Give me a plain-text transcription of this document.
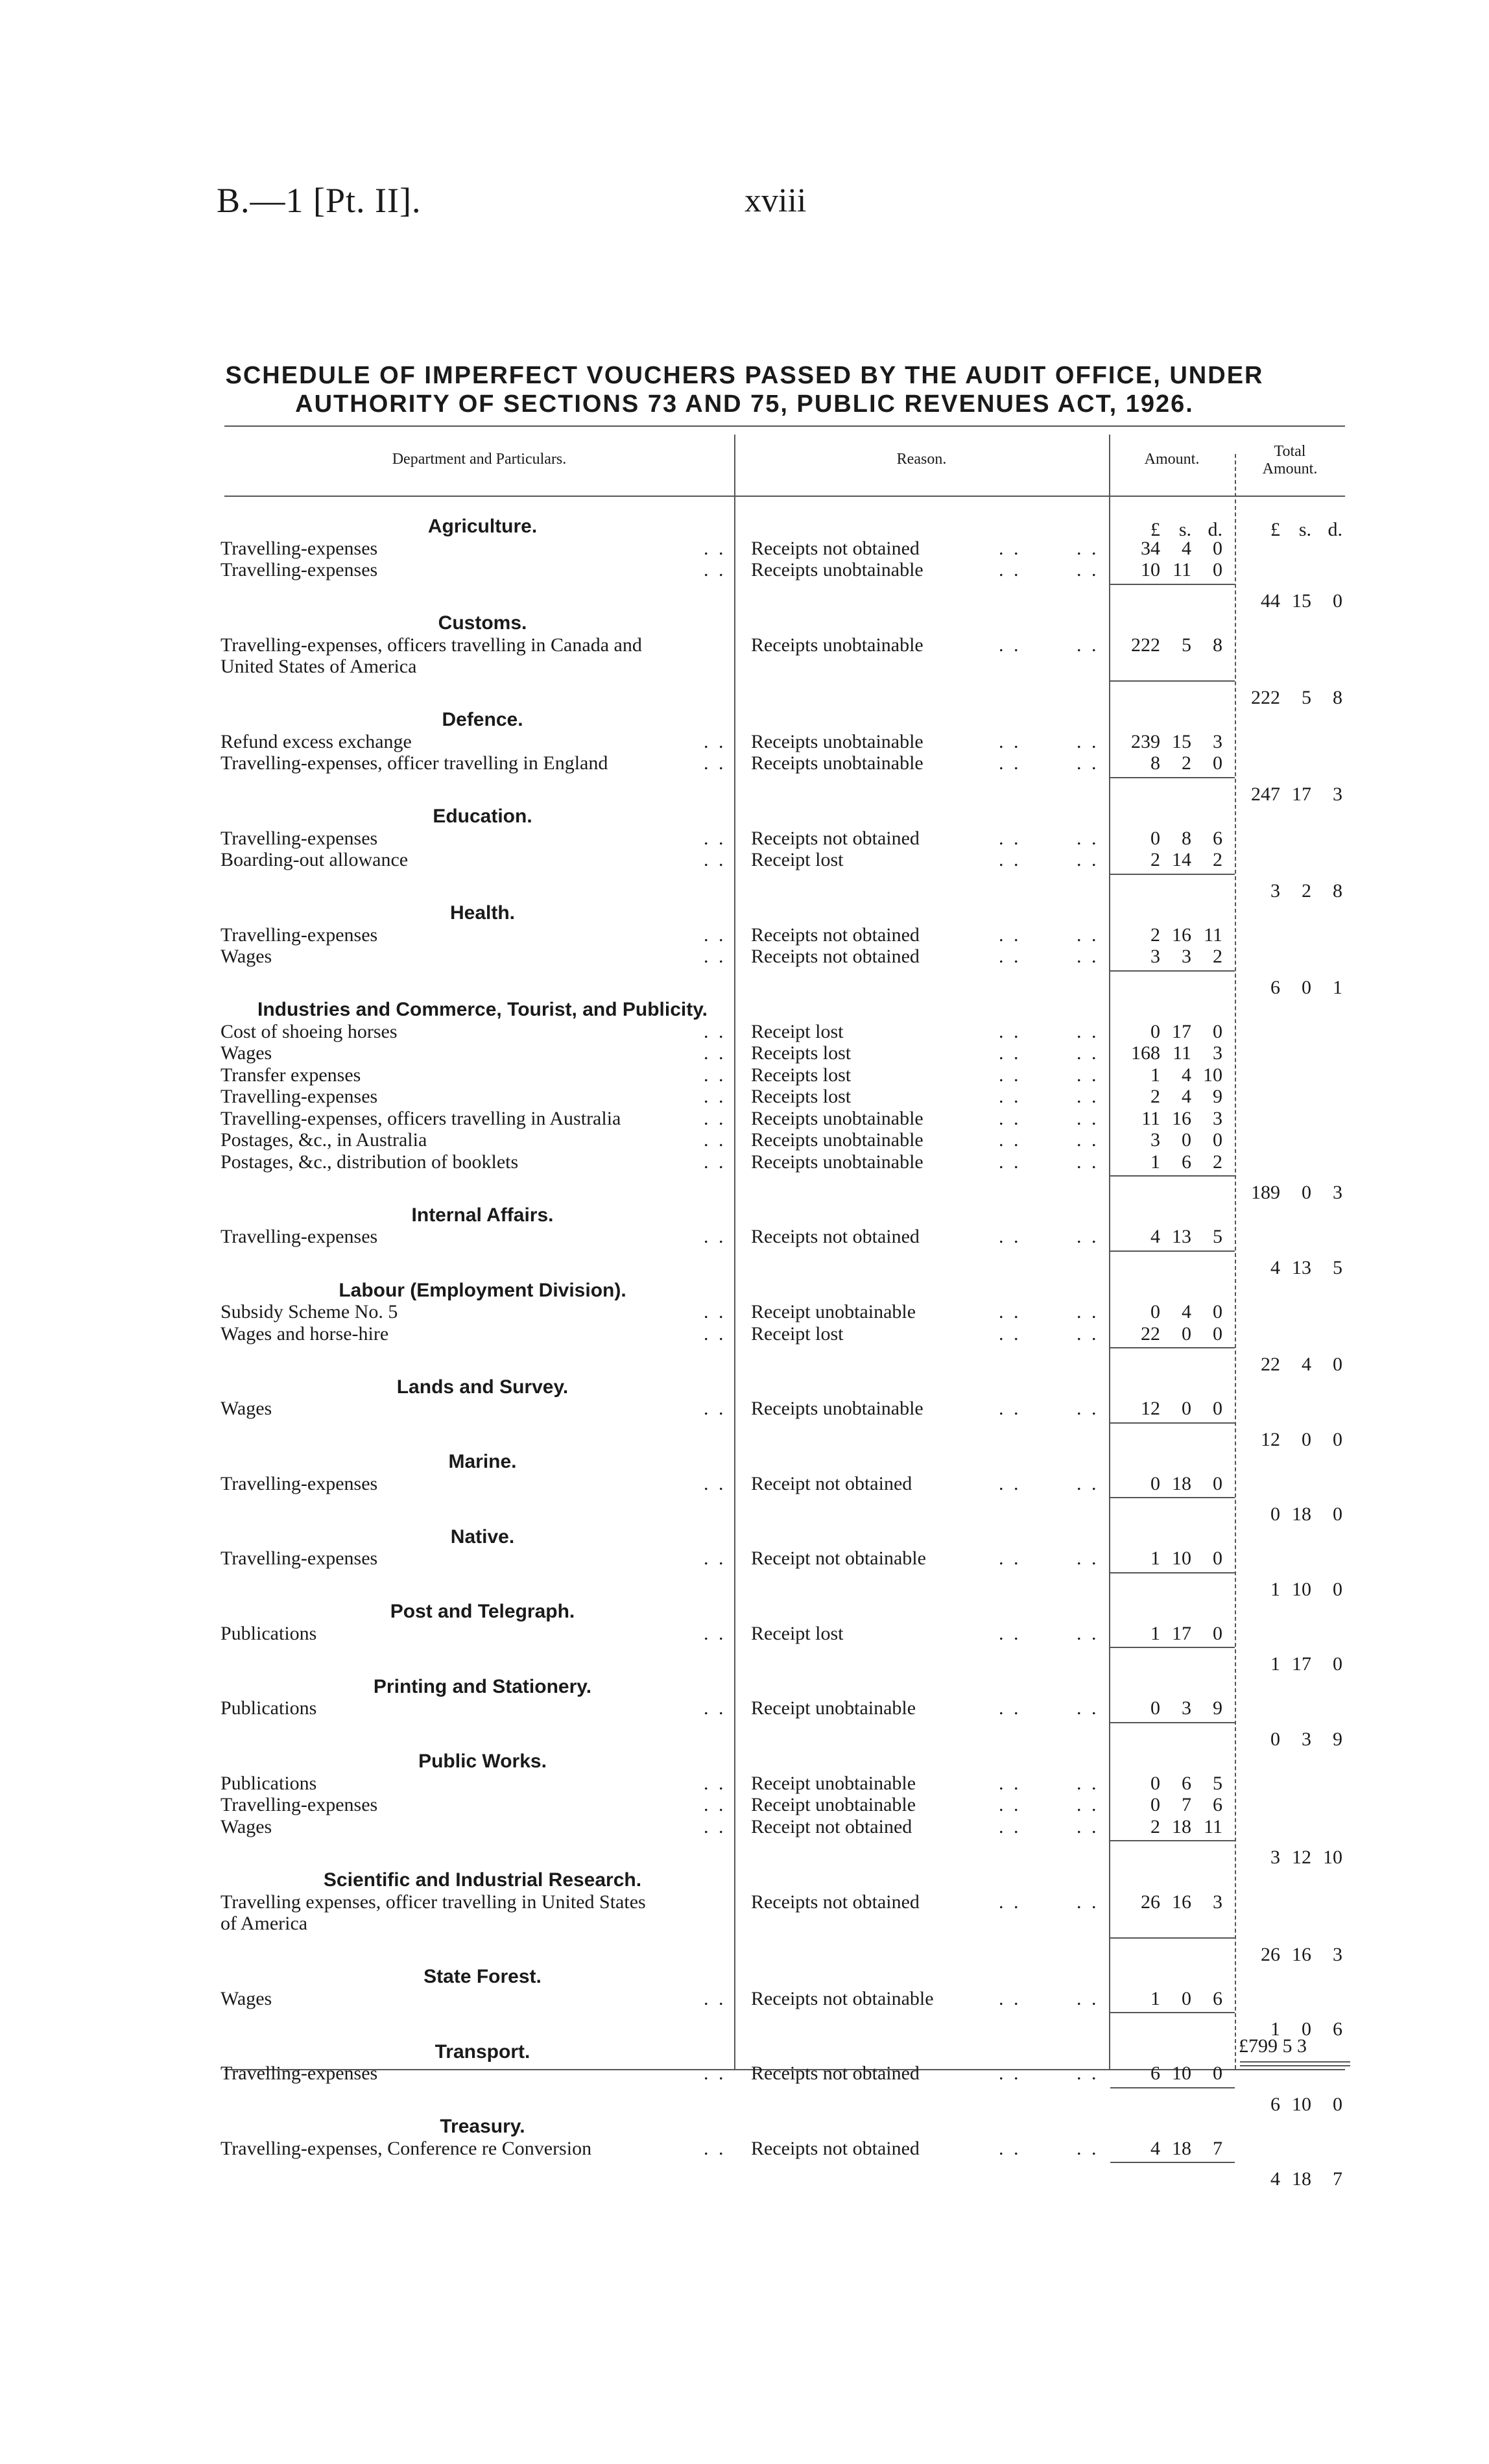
B.—1 [Pt. II].	xviii
SCHEDULE OF IMPERFECT VOUCHERS PASSED BY THE AUDIT OFFICE, UNDER
AUTHORITY OF SECTIONS 73 AND 75, PUBLIC REVENUES ACT, 1926.
Department and Particulars.	Reason.	Amount.	Total
Amount.
£ s. d.	£ s. d.
Agriculture.
Travelling-expenses	. . Receipts not obtained	. .	. .	34 4 0
Travelling-expenses	. . Receipts unobtainable	. .	. .	10 11 0
44 15 0
Customs.
Travelling-expenses, officers travelling in Canada and	Receipts unobtainable	. .	. .	222 5 8
United States of America
222 5 8
Defence.
Refund excess exchange	. . Receipts unobtainable	. .	. .	239 15 3
Travelling-expenses, officer travelling in England	. . Receipts unobtainable	. .	. .	8 2 0
247 17 3
Education.
Travelling-expenses	. . Receipts not obtained	. .	. .	0 8 6
Boarding-out allowance	. . Receipt lost	. .	. .	2 14 2
3 2 8
Health.
Travelling-expenses	. . Receipts not obtained	. .	. .	2 16 11
Wages	. . Receipts not obtained	. .	. .	3 3 2
6 0 1
Industries and Commerce, Tourist, and Publicity.
Cost of shoeing horses	. . Receipt lost	. .	. .	0 17 0
Wages	. . Receipts lost	. .	. .	168 11 3
Transfer expenses	. . Receipts lost	. .	. .	1 4 10
Travelling-expenses	. . Receipts lost	. .	. .	2 4 9
Travelling-expenses, officers travelling in Australia	. . Receipts unobtainable	. .	. .	11 16 3
Postages, &c., in Australia	. . Receipts unobtainable	. .	. .	3 0 0
Postages, &c., distribution of booklets	. . Receipts unobtainable	. .	. .	1 6 2
189 0 3
Internal Affairs.
Travelling-expenses	. . Receipts not obtained	. .	. .	4 13 5
4 13 5
Labour (Employment Division).
Subsidy Scheme No. 5	. . Receipt unobtainable	. .	. .	0 4 0
Wages and horse-hire	. . Receipt lost	. .	. .	22 0 0
22 4 0
Lands and Survey.
Wages	. . Receipts unobtainable	. .	. .	12 0 0
12 0 0
Marine.
Travelling-expenses	. . Receipt not obtained	. .	. .	0 18 0
0 18 0
Native.
Travelling-expenses	. . Receipt not obtainable	. .	. .	1 10 0
1 10 0
Post and Telegraph.
Publications	. . Receipt lost	. .	. .	1 17 0
1 17 0
Printing and Stationery.
Publications	. . Receipt unobtainable	. .	. .	0 3 9
0 3 9
Public Works.
Publications	. . Receipt unobtainable	. .	. .	0 6 5
Travelling-expenses	. . Receipt unobtainable	. .	. .	0 7 6
Wages	. . Receipt not obtained	. .	. .	2 18 11
3 12 10
Scientific and Industrial Research.
Travelling expenses, officer travelling in United States	Receipts not obtained	. .	. .	26 16 3
of America
26 16 3
State Forest.
Wages	. . Receipts not obtainable	. .	. .	1 0 6
1 0 6
Transport.
Travelling-expenses	. . Receipts not obtained	. .	. .	6 10 0
6 10 0
Treasury.
Travelling-expenses, Conference re Conversion	. . Receipts not obtained	. .	. .	4 18 7
4 18 7
£799 5 3
